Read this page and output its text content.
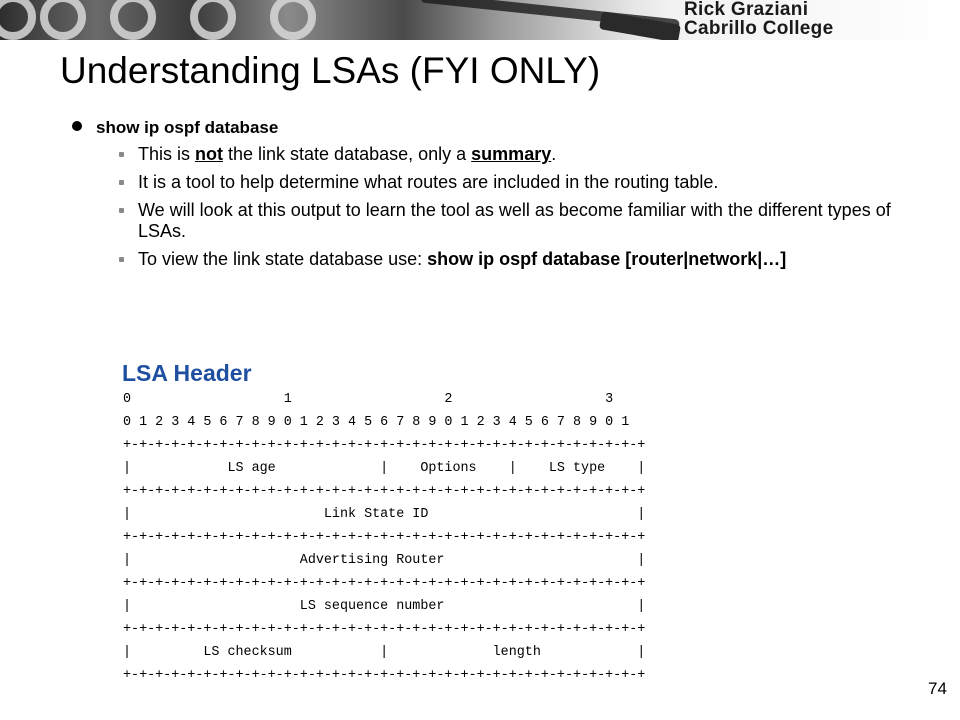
Rick Graziani
Cabrillo College
Understanding LSAs (FYI ONLY)
show ip ospf database
This is not the link state database, only a summary.
It is a tool to help determine what routes are included in the routing table.
We will look at this output to learn the tool as well as become familiar with the different types of LSAs.
To view the link state database use: show ip ospf database [router|network|…]
LSA Header
0                   1                   2                   3
0 1 2 3 4 5 6 7 8 9 0 1 2 3 4 5 6 7 8 9 0 1 2 3 4 5 6 7 8 9 0 1
+-+-+-+-+-+-+-+-+-+-+-+-+-+-+-+-+-+-+-+-+-+-+-+-+-+-+-+-+-+-+-+-+
|            LS age             |    Options    |    LS type    |
+-+-+-+-+-+-+-+-+-+-+-+-+-+-+-+-+-+-+-+-+-+-+-+-+-+-+-+-+-+-+-+-+
|                        Link State ID                          |
+-+-+-+-+-+-+-+-+-+-+-+-+-+-+-+-+-+-+-+-+-+-+-+-+-+-+-+-+-+-+-+-+
|                     Advertising Router                        |
+-+-+-+-+-+-+-+-+-+-+-+-+-+-+-+-+-+-+-+-+-+-+-+-+-+-+-+-+-+-+-+-+
|                     LS sequence number                        |
+-+-+-+-+-+-+-+-+-+-+-+-+-+-+-+-+-+-+-+-+-+-+-+-+-+-+-+-+-+-+-+-+
|         LS checksum           |             length            |
+-+-+-+-+-+-+-+-+-+-+-+-+-+-+-+-+-+-+-+-+-+-+-+-+-+-+-+-+-+-+-+-+
74
